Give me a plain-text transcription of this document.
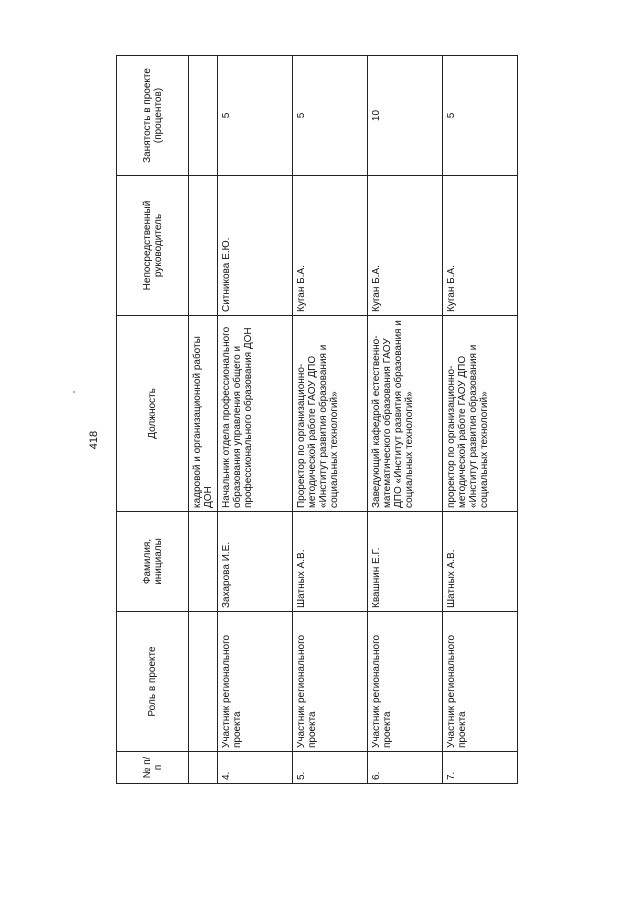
418
№ п/п	Роль в проекте	Фамилия, инициалы	Должность	Непосредственный руководитель	Занятость в проекте (процентов)
			кадровой и организационной работы ДОН		
4.	Участник регионального проекта	Захарова И.Е.	Начальник отдела профессионального образования управления общего и профессионального образования ДОН	Ситникова Е.Ю.	5
5.	Участник регионального проекта	Шатных А.В.	Проректор по организационно-методической работе ГАОУ ДПО «Институт развития образования и социальных технологий»	Куган Б.А.	5
6.	Участник регионального проекта	Квашнин Е.Г.	Заведующий кафедрой естественно-математического образования ГАОУ ДПО «Институт развития образования и социальных технологий»	Куган Б.А.	10
7.	Участник регионального проекта	Шатных А.В.	проректор по организационно-методической работе ГАОУ ДПО «Институт развития образования и социальных технологий»	Куган Б.А.	5
